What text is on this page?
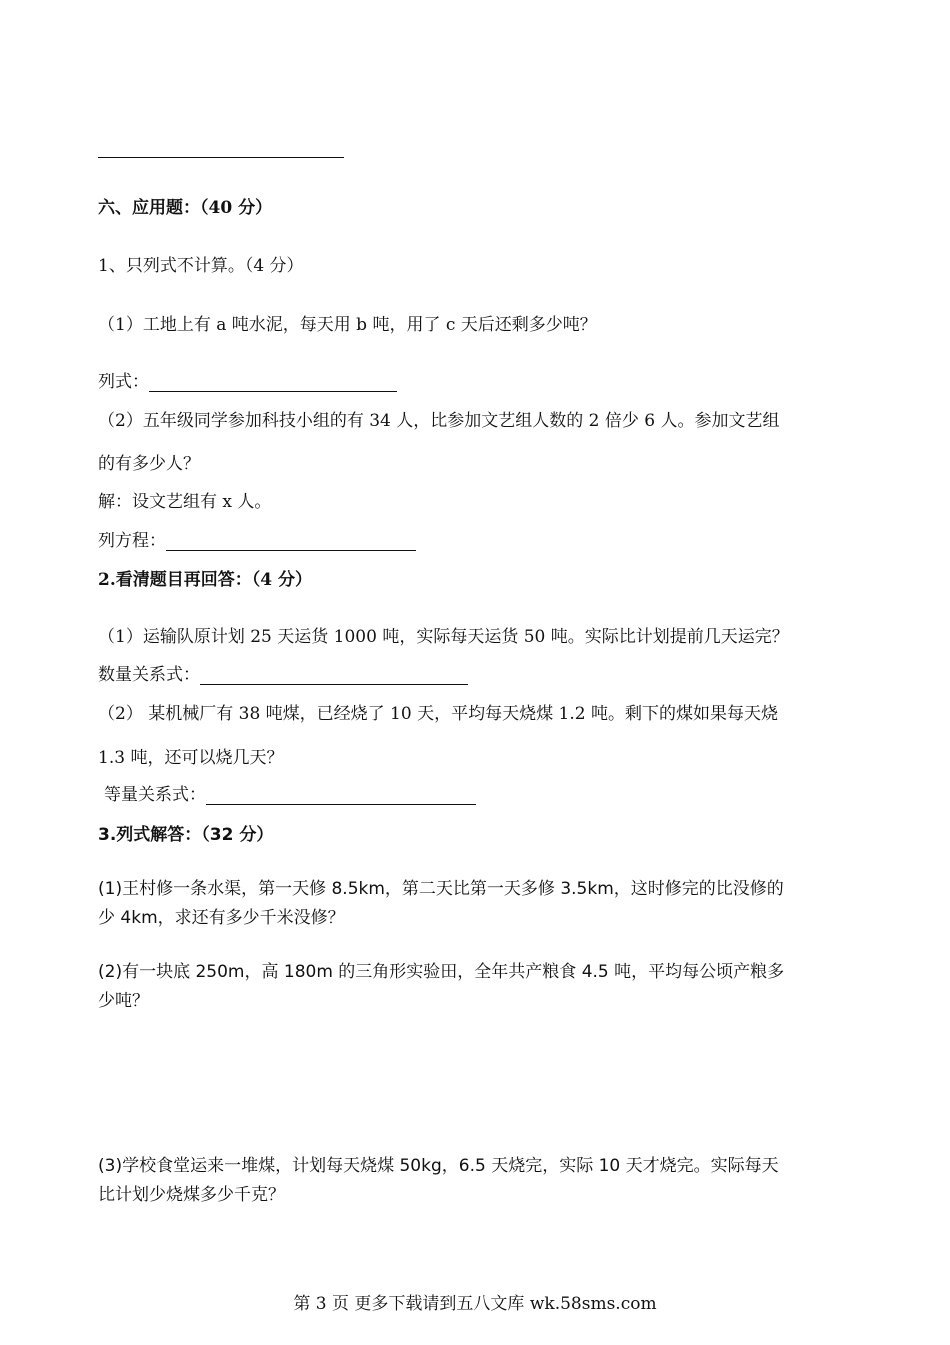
六、应用题：（40 分）
1、只列式不计算。（4 分）
（1）工地上有 a 吨水泥，每天用 b 吨，用了 c 天后还剩多少吨？
列式：
（2）五年级同学参加科技小组的有 34 人，比参加文艺组人数的 2 倍少 6 人。参加文艺组
的有多少人？
解：设文艺组有 x 人。
列方程：
2.看清题目再回答：（4 分）
（1）运输队原计划 25 天运货 1000 吨，实际每天运货 50 吨。实际比计划提前几天运完？
数量关系式：
（2） 某机械厂有 38 吨煤，已经烧了 10 天，平均每天烧煤 1.2 吨。剩下的煤如果每天烧
1.3 吨，还可以烧几天？
等量关系式：
3.列式解答：（32 分）
(1)王村修一条水渠，第一天修 8.5km，第二天比第一天多修 3.5km，这时修完的比没修的
少 4km，求还有多少千米没修？
(2)有一块底 250m，高 180m 的三角形实验田，全年共产粮食 4.5 吨，平均每公顷产粮多
少吨？
(3)学校食堂运来一堆煤，计划每天烧煤 50kg，6.5 天烧完，实际 10 天才烧完。实际每天
比计划少烧煤多少千克？
第 3 页 更多下载请到五八文库 wk.58sms.com
